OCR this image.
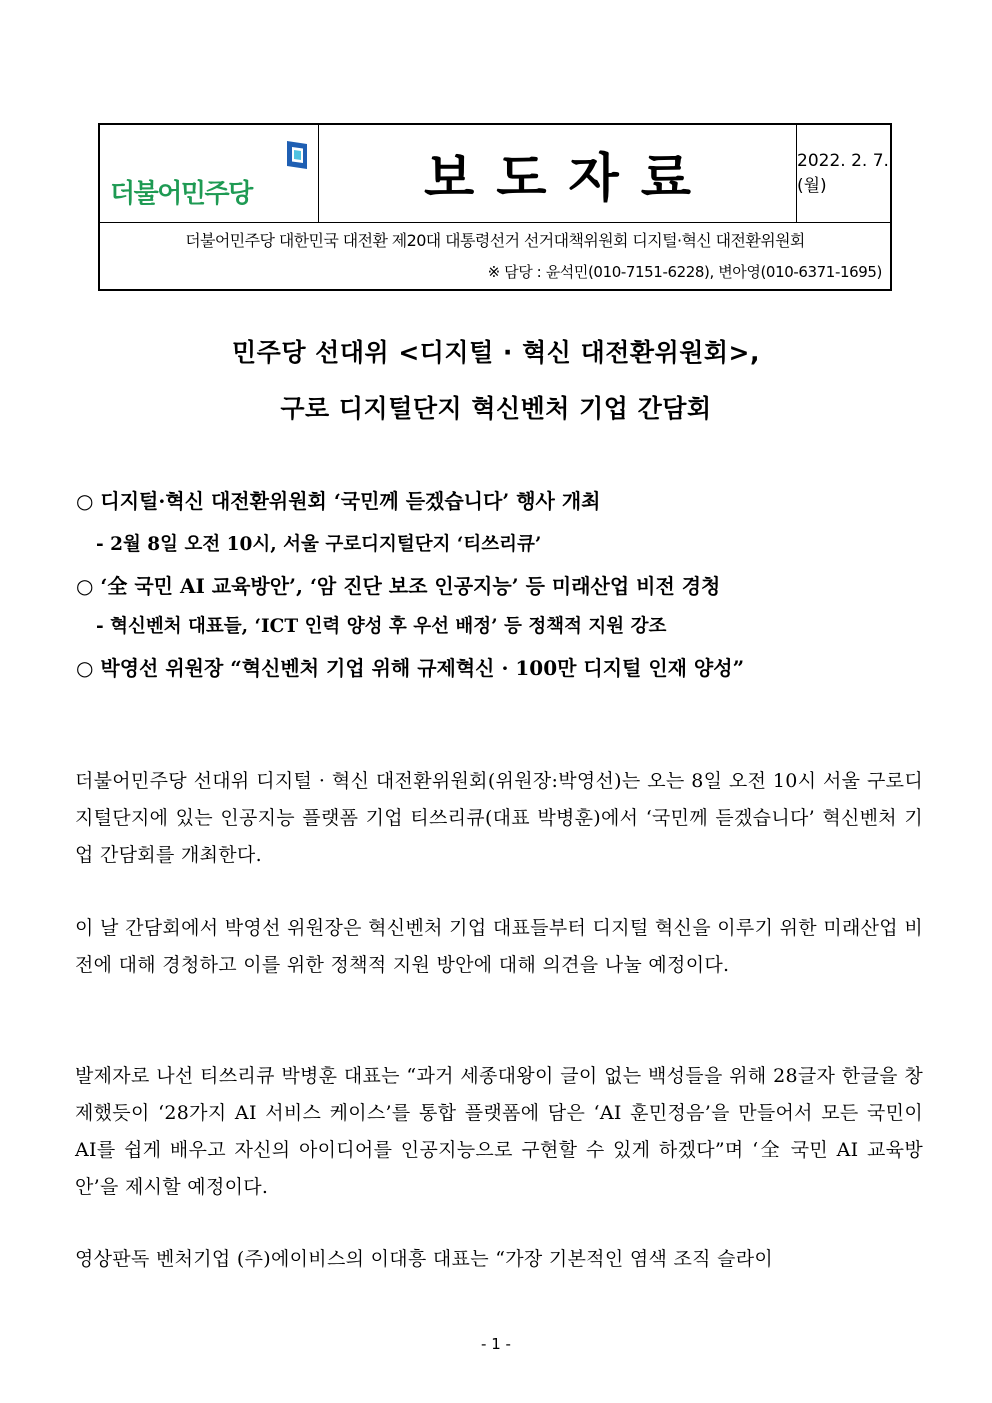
더불어민주당	보도자료	2022. 2. 7. (월)
더불어민주당 대한민국 대전환 제20대 대통령선거 선거대책위원회 디지털·혁신 대전환위원회
※ 담당 : 윤석민(010-7151-6228), 변아영(010-6371-1695)
민주당 선대위 <디지털 · 혁신 대전환위원회>,
구로 디지털단지 혁신벤처 기업 간담회
○ 디지털·혁신 대전환위원회 ‘국민께 듣겠습니다’ 행사 개최
- 2월 8일 오전 10시, 서울 구로디지털단지 ‘티쓰리큐’
○ ‘全 국민 AI 교육방안’, ‘암 진단 보조 인공지능’ 등 미래산업 비전 경청
- 혁신벤처 대표들, ‘ICT 인력 양성 후 우선 배정’ 등 정책적 지원 강조
○ 박영선 위원장 “혁신벤처 기업 위해 규제혁신 · 100만 디지털 인재 양성”
더불어민주당 선대위 디지털 · 혁신 대전환위원회(위원장:박영선)는 오는 8일 오전 10시 서울 구로디지털단지에 있는 인공지능 플랫폼 기업 티쓰리큐(대표 박병훈)에서 ‘국민께 듣겠습니다’ 혁신벤처 기업 간담회를 개최한다.
이 날 간담회에서 박영선 위원장은 혁신벤처 기업 대표들부터 디지털 혁신을 이루기 위한 미래산업 비전에 대해 경청하고 이를 위한 정책적 지원 방안에 대해 의견을 나눌 예정이다.
발제자로 나선 티쓰리큐 박병훈 대표는 “과거 세종대왕이 글이 없는 백성들을 위해 28글자 한글을 창제했듯이 ‘28가지 AI 서비스 케이스’를 통합 플랫폼에 담은 ‘AI 훈민정음’을 만들어서 모든 국민이 AI를 쉽게 배우고 자신의 아이디어를 인공지능으로 구현할 수 있게 하겠다”며 ‘全 국민 AI 교육방안’을 제시할 예정이다.
영상판독 벤처기업 (주)에이비스의 이대흥 대표는 “가장 기본적인 염색 조직 슬라이
- 1 -
